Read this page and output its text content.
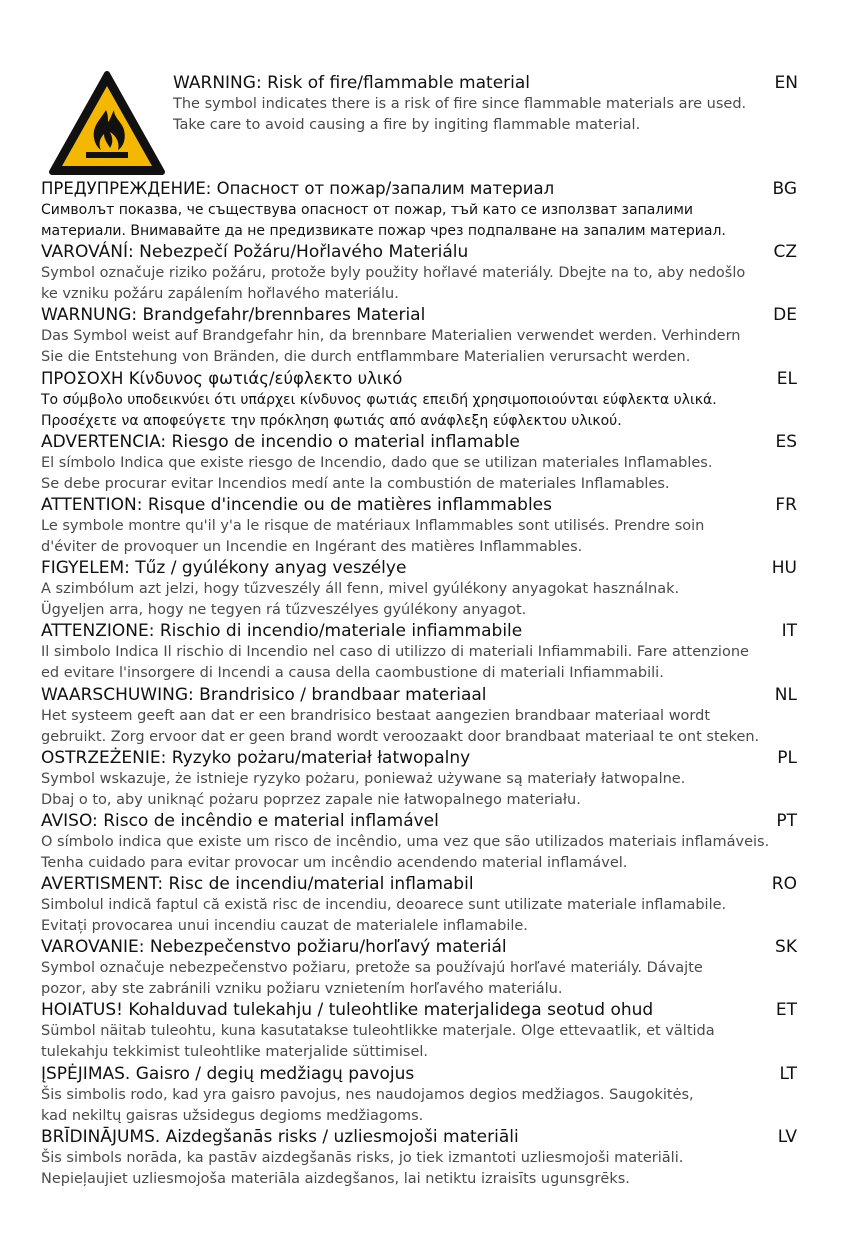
WARNING: Risk of fire/flammable material	EN
The symbol indicates there is a risk of fire since flammable materials are used.
Take care to avoid causing a fire by ingiting flammable material.
ПРЕДУПРЕЖДЕНИЕ: Опасност от пожар/запалим материал	BG
Символът показва, че съществува опасност от пожар, тъй като се използват запалими
материали. Внимавайте да не предизвикате пожар чрез подпалване на запалим материал.
VAROVÁNÍ: Nebezpečí Požáru/Hořlavého Materiálu	CZ
Symbol označuje riziko požáru, protože byly použity hořlavé materiály. Dbejte na to, aby nedošlo
ke vzniku požáru zapálením hořlavého materiálu.
WARNUNG: Brandgefahr/brennbares Material	DE
Das Symbol weist auf Brandgefahr hin, da brennbare Materialien verwendet werden. Verhindern
Sie die Entstehung von Bränden, die durch entflammbare Materialien verursacht werden.
ΠΡΟΣΟΧΗ Κίνδυνος φωτιάς/εύφλεκτο υλικό	EL
Το σύμβολο υποδεικνύει ότι υπάρχει κίνδυνος φωτιάς επειδή χρησιμοποιούνται εύφλεκτα υλικά.
Προσέχετε να αποφεύγετε την πρόκληση φωτιάς από ανάφλεξη εύφλεκτου υλικού.
ADVERTENCIA: Riesgo de incendio o material inflamable	ES
El símbolo Indica que existe riesgo de Incendio, dado que se utilizan materiales Inflamables.
Se debe procurar evitar Incendios medí ante la combustión de materiales Inflamables.
ATTENTION: Risque d'incendie ou de matières inflammables	FR
Le symbole montre qu'il y'a le risque de matériaux Inflammables sont utilisés. Prendre soin
d'éviter de provoquer un Incendie en Ingérant des matières Inflammables.
FIGYELEM: Tűz / gyúlékony anyag veszélye	HU
A szimbólum azt jelzi, hogy tűzveszély áll fenn, mivel gyúlékony anyagokat használnak.
Ügyeljen arra, hogy ne tegyen rá tűzveszélyes gyúlékony anyagot.
ATTENZIONE: Rischio di incendio/materiale infiammabile	IT
Il simbolo Indica Il rischio di Incendio nel caso di utilizzo di materiali Infiammabili. Fare attenzione
ed evitare l'insorgere di Incendi a causa della caombustione di materiali Infiammabili.
WAARSCHUWING: Brandrisico / brandbaar materiaal	NL
Het systeem geeft aan dat er een brandrisico bestaat aangezien brandbaar materiaal wordt
gebruikt. Zorg ervoor dat er geen brand wordt veroozaakt door brandbaat materiaal te ont steken.
OSTRZEŻENIE: Ryzyko pożaru/materiał łatwopalny	PL
Symbol wskazuje, że istnieje ryzyko pożaru, ponieważ używane są materiały łatwopalne.
Dbaj o to, aby uniknąć pożaru poprzez zapale nie łatwopalnego materiału.
AVISO: Risco de incêndio e material inflamável	PT
O símbolo indica que existe um risco de incêndio, uma vez que são utilizados materiais inflamáveis.
Tenha cuidado para evitar provocar um incêndio acendendo material inflamável.
AVERTISMENT: Risc de incendiu/material inflamabil	RO
Simbolul indică faptul că există risc de incendiu, deoarece sunt utilizate materiale inflamabile.
Evitați provocarea unui incendiu cauzat de materialele inflamabile.
VAROVANIE: Nebezpečenstvo požiaru/horľavý materiál	SK
Symbol označuje nebezpečenstvo požiaru, pretože sa používajú horľavé materiály. Dávajte
pozor, aby ste zabránili vzniku požiaru vznietením horľavého materiálu.
HOIATUS! Kohalduvad tulekahju / tuleohtlike materjalidega seotud ohud	ET
Sümbol näitab tuleohtu, kuna kasutatakse tuleohtlikke materjale. Olge ettevaatlik, et vältida
tulekahju tekkimist tuleohtlike materjalide süttimisel.
ĮSPĖJIMAS. Gaisro / degių medžiagų pavojus	LT
Šis simbolis rodo, kad yra gaisro pavojus, nes naudojamos degios medžiagos. Saugokitės,
kad nekiltų gaisras užsidegus degioms medžiagoms.
BRĪDINĀJUMS. Aizdegšanās risks / uzliesmojoši materiāli	LV
Šis simbols norāda, ka pastāv aizdegšanās risks, jo tiek izmantoti uzliesmojoši materiāli.
Nepieļaujiet uzliesmojoša materiāla aizdegšanos, lai netiktu izraisīts ugunsgrēks.
